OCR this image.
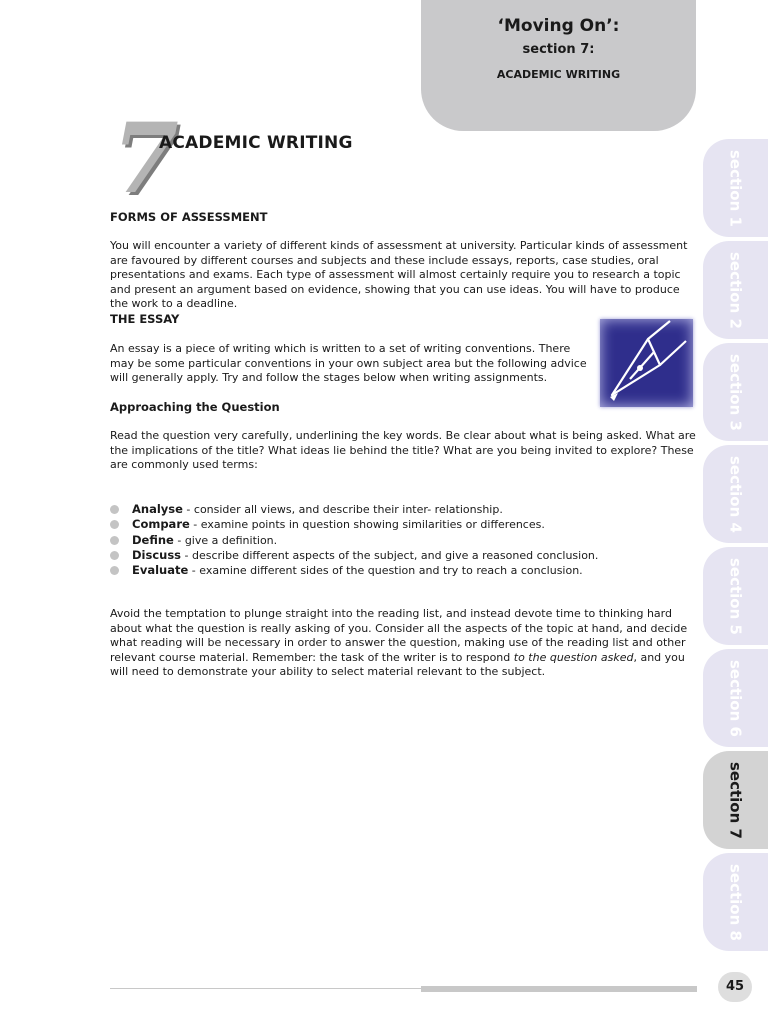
‘Moving On’:
section 7:
ACADEMIC WRITING
7
ACADEMIC WRITING
FORMS OF ASSESSMENT

You will encounter a variety of different kinds of assessment at university. Particular kinds of assessment are favoured by different courses and subjects and these include essays, reports, case studies, oral presentations and exams. Each type of assessment will almost certainly require you to research a topic and present an argument based on evidence, showing that you can use ideas. You will have to produce the work to a deadline.

THE ESSAY

An essay is a piece of writing which is written to a set of writing conventions. There may be some particular conventions in your own subject area but the following advice will generally apply. Try and follow the stages below when writing assignments.

Approaching the Question

Read the question very carefully, underlining the key words. Be clear about what is being asked. What are the implications of the title? What ideas lie behind the title? What are you being invited to explore? These are commonly used terms:

Analyse - consider all views, and describe their inter- relationship.
Compare - examine points in question showing similarities or differences.
Define - give a definition.
Discuss - describe different aspects of the subject, and give a reasoned conclusion.
Evaluate - examine different sides of the question and try to reach a conclusion.

Avoid the temptation to plunge straight into the reading list, and instead devote time to thinking hard about what the question is really asking of you. Consider all the aspects of the topic at hand, and decide what reading will be necessary in order to answer the question, making use of the reading list and other relevant course material. Remember: the task of the writer is to respond to the question asked, and you will need to demonstrate your ability to select material relevant to the subject.

section 1
section 2
section 3
section 4
section 5
section 6
section 7
section 8
45
